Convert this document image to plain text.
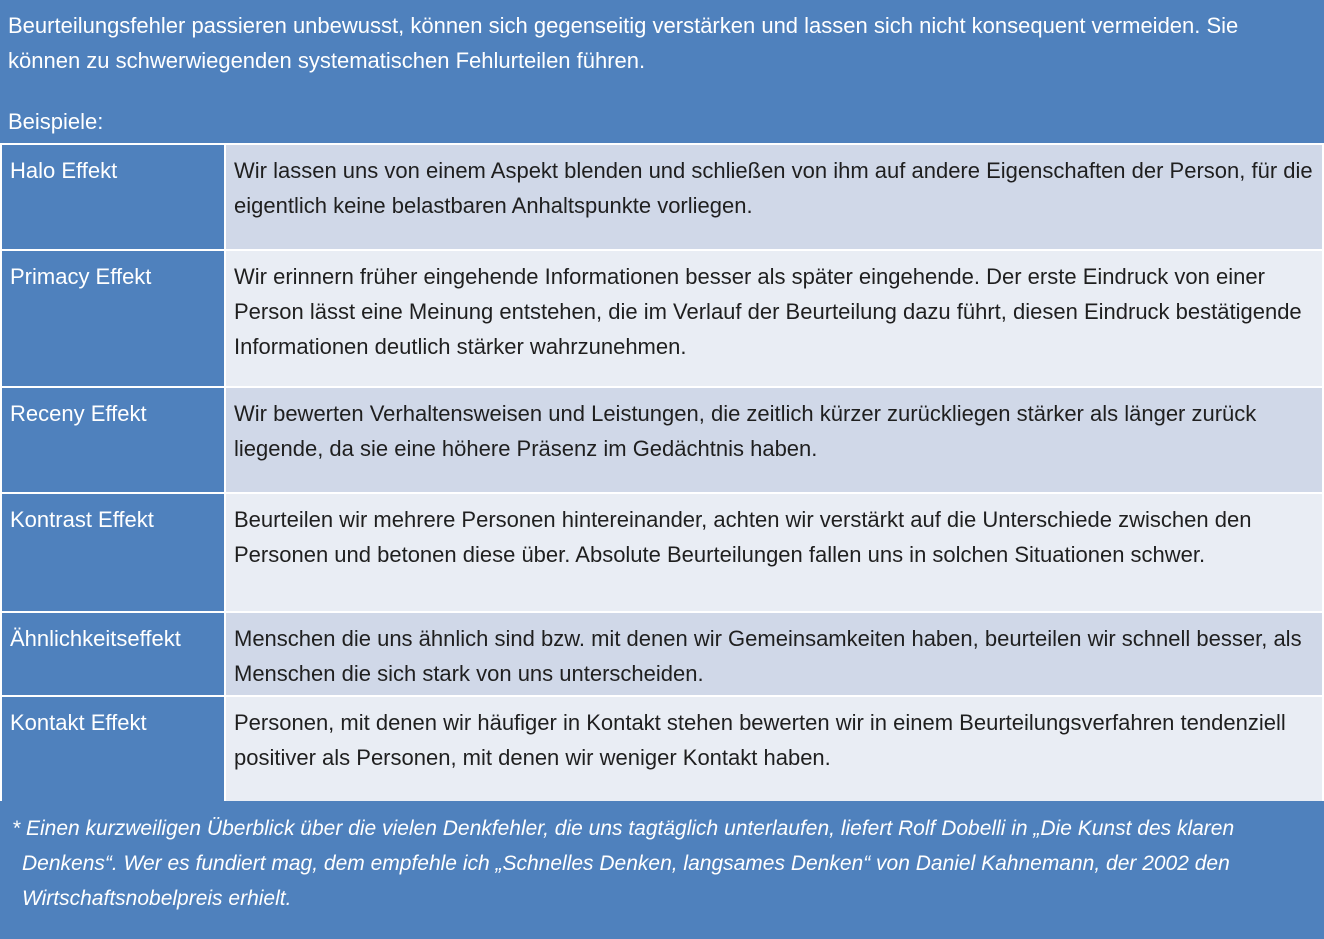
Beurteilungsfehler passieren unbewusst, können sich gegenseitig verstärken und lassen sich nicht konsequent vermeiden. Sie können zu schwerwiegenden systematischen Fehlurteilen führen.

Beispiele:

Halo Effekt	Wir lassen uns von einem Aspekt blenden und schließen von ihm auf andere Eigenschaften der Person, für die eigentlich keine belastbaren Anhaltspunkte vorliegen.
Primacy Effekt	Wir erinnern früher eingehende Informationen besser als später eingehende. Der erste Eindruck von einer Person lässt eine Meinung entstehen, die im Verlauf der Beurteilung dazu führt, diesen Eindruck bestätigende Informationen deutlich stärker wahrzunehmen.
Receny Effekt	Wir bewerten Verhaltensweisen und Leistungen, die zeitlich kürzer zurückliegen stärker als länger zurück liegende, da sie eine höhere Präsenz im Gedächtnis haben.
Kontrast Effekt	Beurteilen wir mehrere Personen hintereinander, achten wir verstärkt auf die Unterschiede zwischen den Personen und betonen diese über. Absolute Beurteilungen fallen uns in solchen Situationen schwer.
Ähnlichkeitseffekt	Menschen die uns ähnlich sind bzw. mit denen wir Gemeinsamkeiten haben, beurteilen wir schnell besser, als Menschen die sich stark von uns unterscheiden.
Kontakt Effekt	Personen, mit denen wir häufiger in Kontakt stehen bewerten wir in einem Beurteilungsverfahren tendenziell positiver als Personen, mit denen wir weniger Kontakt haben.

* Einen kurzweiligen Überblick über die vielen Denkfehler, die uns tagtäglich unterlaufen, liefert Rolf Dobelli in „Die Kunst des klaren Denkens“. Wer es fundiert mag, dem empfehle ich „Schnelles Denken, langsames Denken“ von Daniel Kahnemann, der 2002 den Wirtschaftsnobelpreis erhielt.
